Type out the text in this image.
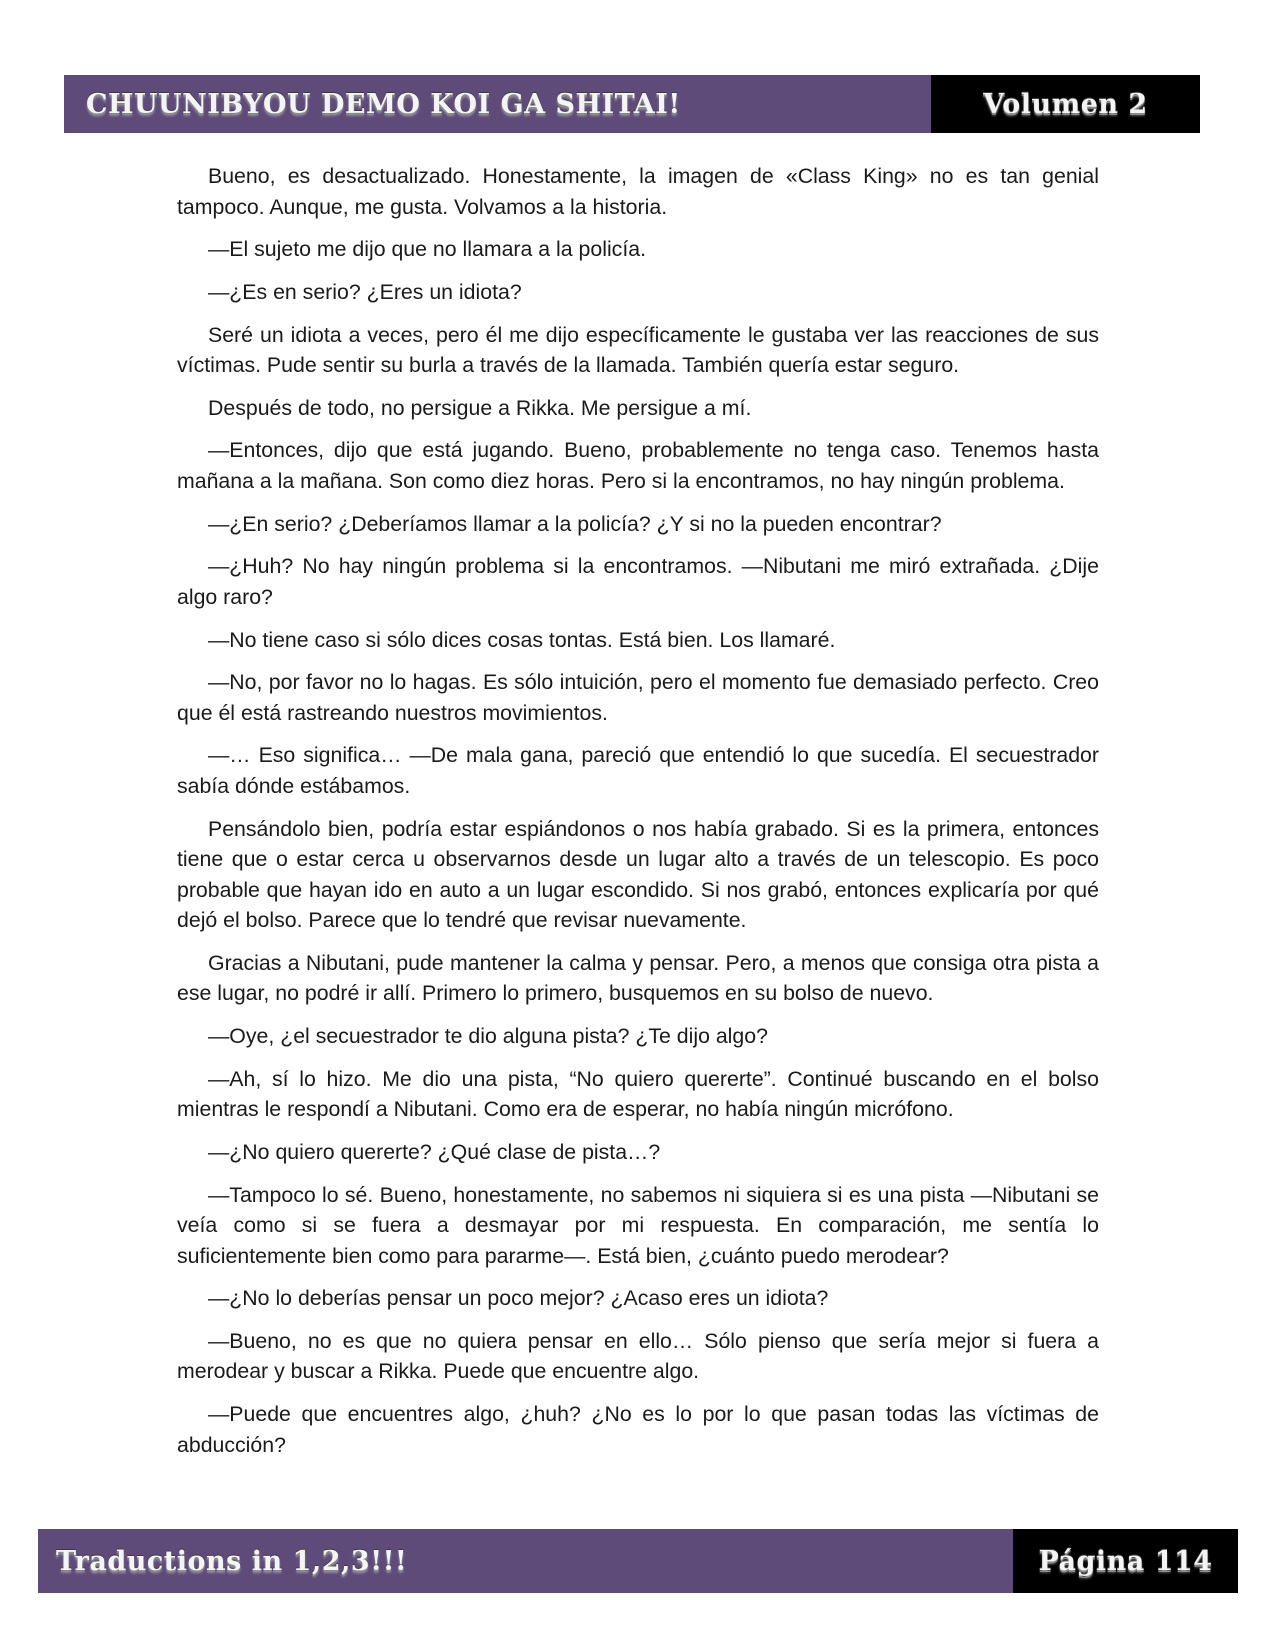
CHUUNIBYOU DEMO KOI GA SHITAI!	Volumen 2

Bueno, es desactualizado. Honestamente, la imagen de «Class King» no es tan genial tampoco. Aunque, me gusta. Volvamos a la historia.

—El sujeto me dijo que no llamara a la policía.

—¿Es en serio? ¿Eres un idiota?

Seré un idiota a veces, pero él me dijo específicamente le gustaba ver las reacciones de sus víctimas. Pude sentir su burla a través de la llamada. También quería estar seguro.

Después de todo, no persigue a Rikka. Me persigue a mí.

—Entonces, dijo que está jugando. Bueno, probablemente no tenga caso. Tenemos hasta mañana a la mañana. Son como diez horas. Pero si la encontramos, no hay ningún problema.

—¿En serio? ¿Deberíamos llamar a la policía? ¿Y si no la pueden encontrar?

—¿Huh? No hay ningún problema si la encontramos. —Nibutani me miró extrañada. ¿Dije algo raro?

—No tiene caso si sólo dices cosas tontas. Está bien. Los llamaré.

—No, por favor no lo hagas. Es sólo intuición, pero el momento fue demasiado perfecto. Creo que él está rastreando nuestros movimientos.

—… Eso significa… —De mala gana, pareció que entendió lo que sucedía. El secuestrador sabía dónde estábamos.

Pensándolo bien, podría estar espiándonos o nos había grabado. Si es la primera, entonces tiene que o estar cerca u observarnos desde un lugar alto a través de un telescopio. Es poco probable que hayan ido en auto a un lugar escondido. Si nos grabó, entonces explicaría por qué dejó el bolso. Parece que lo tendré que revisar nuevamente.

Gracias a Nibutani, pude mantener la calma y pensar. Pero, a menos que consiga otra pista a ese lugar, no podré ir allí. Primero lo primero, busquemos en su bolso de nuevo.

—Oye, ¿el secuestrador te dio alguna pista? ¿Te dijo algo?

—Ah, sí lo hizo. Me dio una pista, “No quiero quererte”. Continué buscando en el bolso mientras le respondí a Nibutani. Como era de esperar, no había ningún micrófono.

—¿No quiero quererte? ¿Qué clase de pista…?

—Tampoco lo sé. Bueno, honestamente, no sabemos ni siquiera si es una pista —Nibutani se veía como si se fuera a desmayar por mi respuesta. En comparación, me sentía lo suficientemente bien como para pararme—. Está bien, ¿cuánto puedo merodear?

—¿No lo deberías pensar un poco mejor? ¿Acaso eres un idiota?

—Bueno, no es que no quiera pensar en ello… Sólo pienso que sería mejor si fuera a merodear y buscar a Rikka. Puede que encuentre algo.

—Puede que encuentres algo, ¿huh? ¿No es lo por lo que pasan todas las víctimas de abducción?

Traductions in 1,2,3!!!	Página 114
